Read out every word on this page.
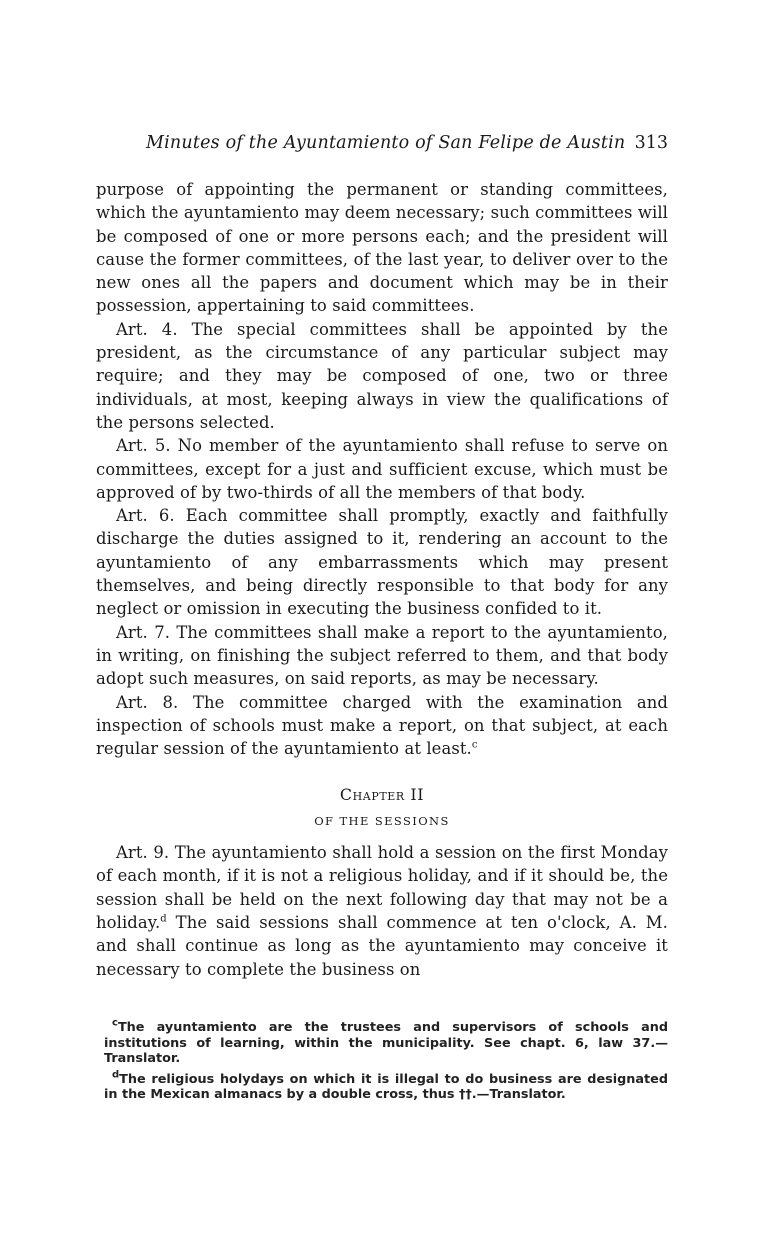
Minutes of the Ayuntamiento of San Felipe de Austin 313

purpose of appointing the permanent or standing committees, which the ayuntamiento may deem necessary; such committees will be composed of one or more persons each; and the president will cause the former committees, of the last year, to deliver over to the new ones all the papers and document which may be in their possession, appertaining to said committees.

Art. 4. The special committees shall be appointed by the president, as the circumstance of any particular subject may require; and they may be composed of one, two or three individuals, at most, keeping always in view the qualifications of the persons selected.

Art. 5. No member of the ayuntamiento shall refuse to serve on committees, except for a just and sufficient excuse, which must be approved of by two-thirds of all the members of that body.

Art. 6. Each committee shall promptly, exactly and faithfully discharge the duties assigned to it, rendering an account to the ayuntamiento of any embarrassments which may present themselves, and being directly responsible to that body for any neglect or omission in executing the business confided to it.

Art. 7. The committees shall make a report to the ayuntamiento, in writing, on finishing the subject referred to them, and that body adopt such measures, on said reports, as may be necessary.

Art. 8. The committee charged with the examination and inspection of schools must make a report, on that subject, at each regular session of the ayuntamiento at least.$^c$

Chapter II
OF THE SESSIONS

Art. 9. The ayuntamiento shall hold a session on the first Monday of each month, if it is not a religious holiday, and if it should be, the session shall be held on the next following day that may not be a holiday.$^d$ The said sessions shall commence at ten o'clock, A. M. and shall continue as long as the ayuntamiento may conceive it necessary to complete the business on

$^c$The ayuntamiento are the trustees and supervisors of schools and institutions of learning, within the municipality. See chapt. 6, law 37.—Translator.

$^d$The religious holydays on which it is illegal to do business are designated in the Mexican almanacs by a double cross, thus ††.—Translator.
